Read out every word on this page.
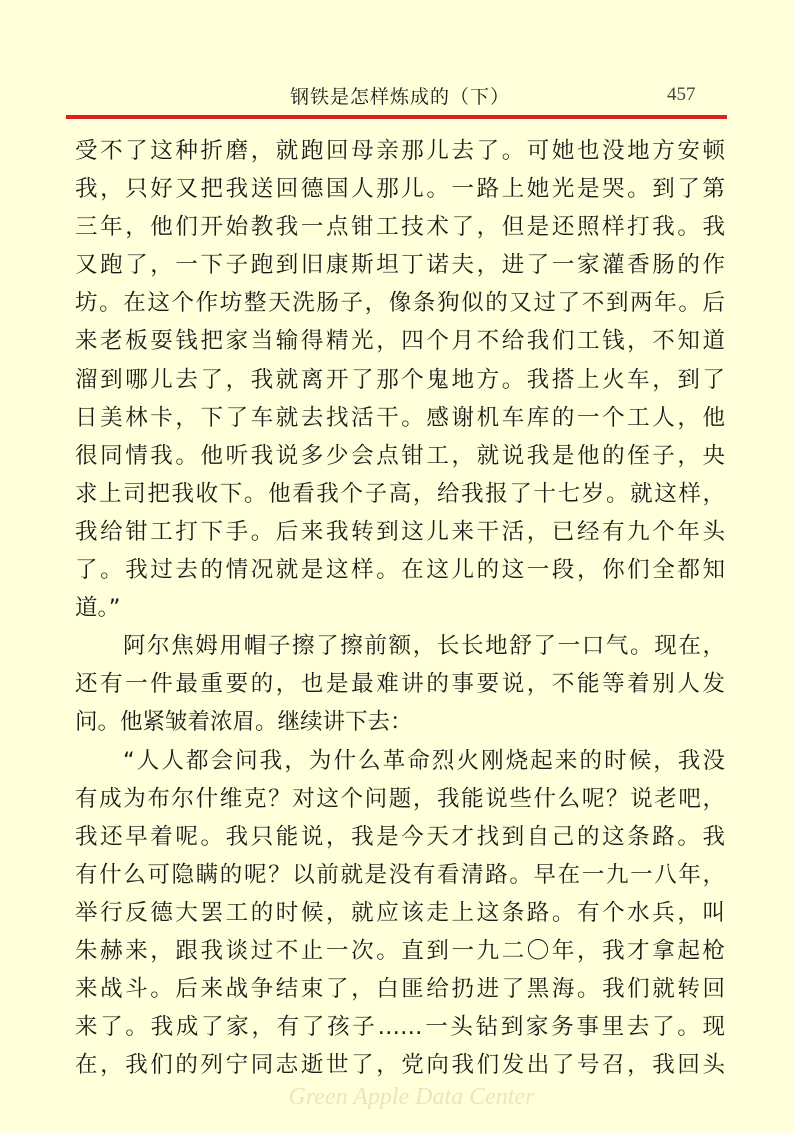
钢铁是怎样炼成的（下）	457
受不了这种折磨，就跑回母亲那儿去了。可她也没地方安顿
我，只好又把我送回德国人那儿。一路上她光是哭。到了第
三年，他们开始教我一点钳工技术了，但是还照样打我。我
又跑了，一下子跑到旧康斯坦丁诺夫，进了一家灌香肠的作
坊。在这个作坊整天洗肠子，像条狗似的又过了不到两年。后
来老板耍钱把家当输得精光，四个月不给我们工钱，不知道
溜到哪儿去了，我就离开了那个鬼地方。我搭上火车，到了
日美林卡，下了车就去找活干。感谢机车库的一个工人，他
很同情我。他听我说多少会点钳工，就说我是他的侄子，央
求上司把我收下。他看我个子高，给我报了十七岁。就这样，
我给钳工打下手。后来我转到这儿来干活，已经有九个年头
了。我过去的情况就是这样。在这儿的这一段，你们全都知
道。”
阿尔焦姆用帽子擦了擦前额，长长地舒了一口气。现在，
还有一件最重要的，也是最难讲的事要说，不能等着别人发
问。他紧皱着浓眉。继续讲下去：
“人人都会问我，为什么革命烈火刚烧起来的时候，我没
有成为布尔什维克？对这个问题，我能说些什么呢？说老吧，
我还早着呢。我只能说，我是今天才找到自己的这条路。我
有什么可隐瞒的呢？以前就是没有看清路。早在一九一八年，
举行反德大罢工的时候，就应该走上这条路。有个水兵，叫
朱赫来，跟我谈过不止一次。直到一九二〇年，我才拿起枪
来战斗。后来战争结束了，白匪给扔进了黑海。我们就转回
来了。我成了家，有了孩子……一头钻到家务事里去了。现
在，我们的列宁同志逝世了，党向我们发出了号召，我回头
Green Apple Data Center
